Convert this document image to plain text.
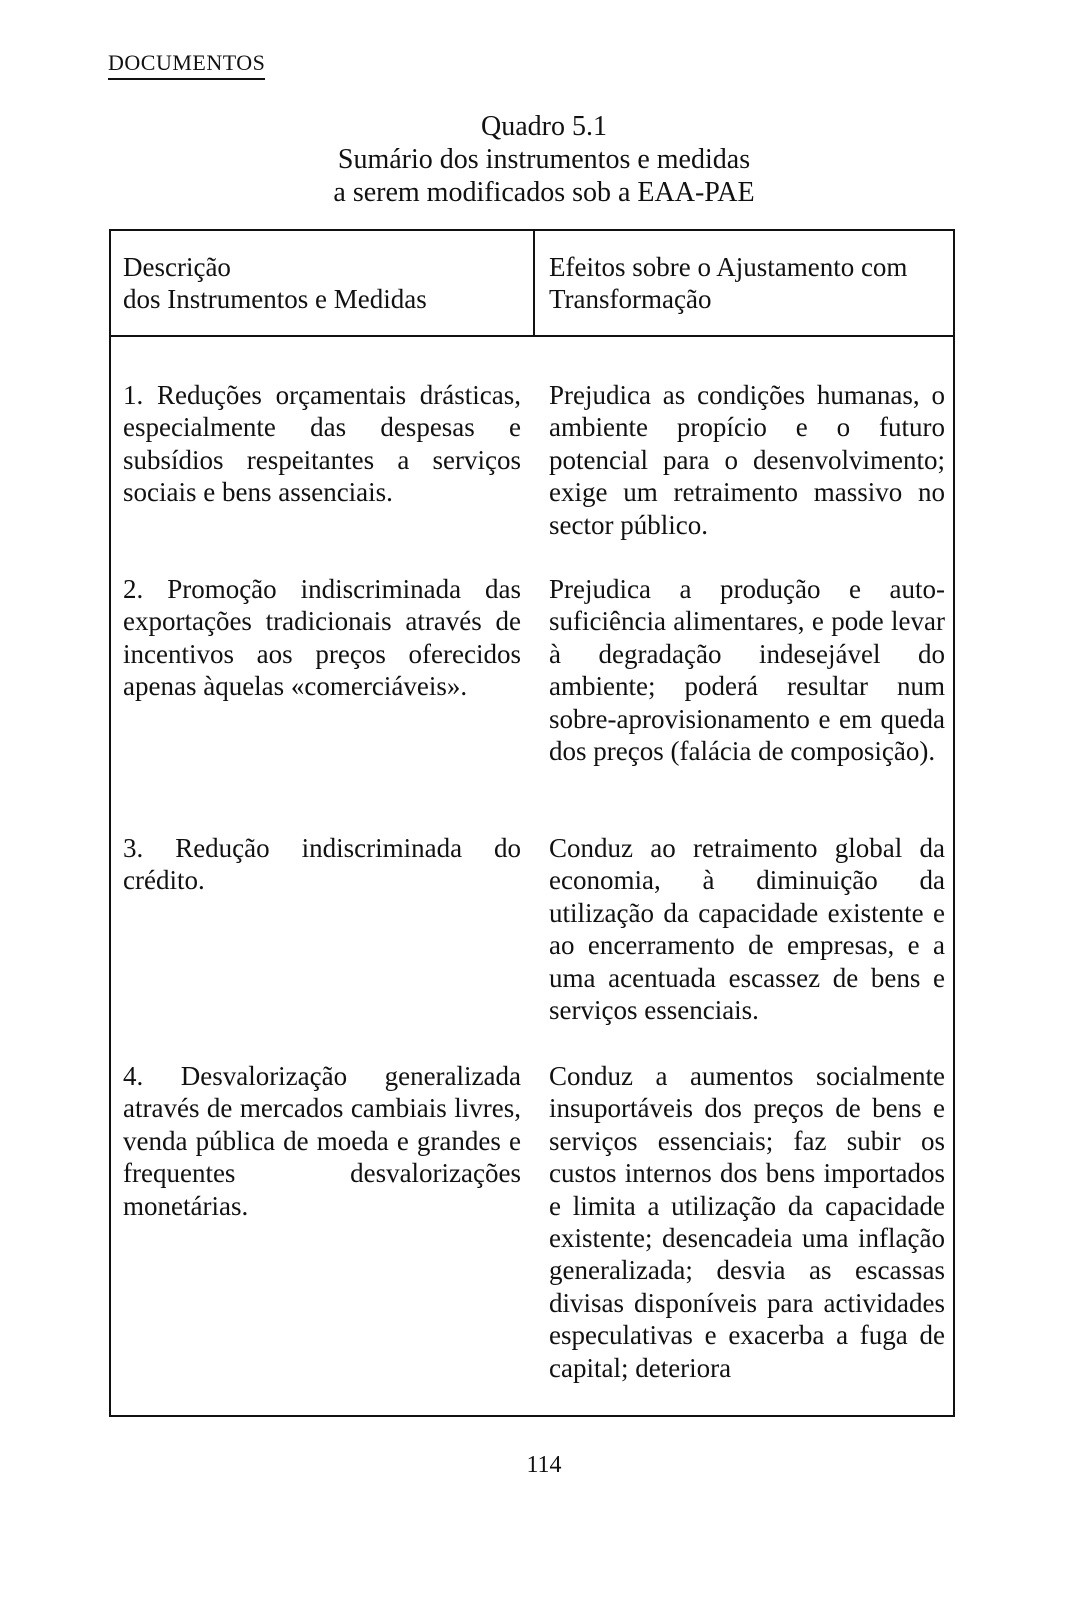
DOCUMENTOS
Quadro 5.1
Sumário dos instrumentos e medidas
a serem modificados sob a EAA-PAE
Descrição
dos Instrumentos e Medidas
Efeitos sobre o Ajustamento com
Transformação
1. Reduções orçamentais drásticas, especialmente das despesas e subsídios respeitantes a serviços sociais e bens assenciais.
Prejudica as condições humanas, o ambiente propício e o futuro potencial para o desenvolvimento; exige um retraimento massivo no sector público.
2. Promoção indiscriminada das exportações tradicionais através de incentivos aos preços oferecidos apenas àquelas «comerciáveis».
Prejudica a produção e auto-suficiência alimentares, e pode levar à degradação indesejável do ambiente; poderá resultar num sobre-aprovisionamento e em queda dos preços (falácia de composição).
3. Redução indiscriminada do crédito.
Conduz ao retraimento global da economia, à diminuição da utilização da capacidade existente e ao encerramento de empresas, e a uma acentuada escassez de bens e serviços essenciais.
4. Desvalorização generalizada através de mercados cambiais livres, venda pública de moeda e grandes e frequentes desvalorizações monetárias.
Conduz a aumentos socialmente insuportáveis dos preços de bens e serviços essenciais; faz subir os custos internos dos bens importados e limita a utilização da capacidade existente; desencadeia uma inflação generalizada; desvia as escassas divisas disponíveis para actividades especulativas e exacerba a fuga de capital; deteriora
114
